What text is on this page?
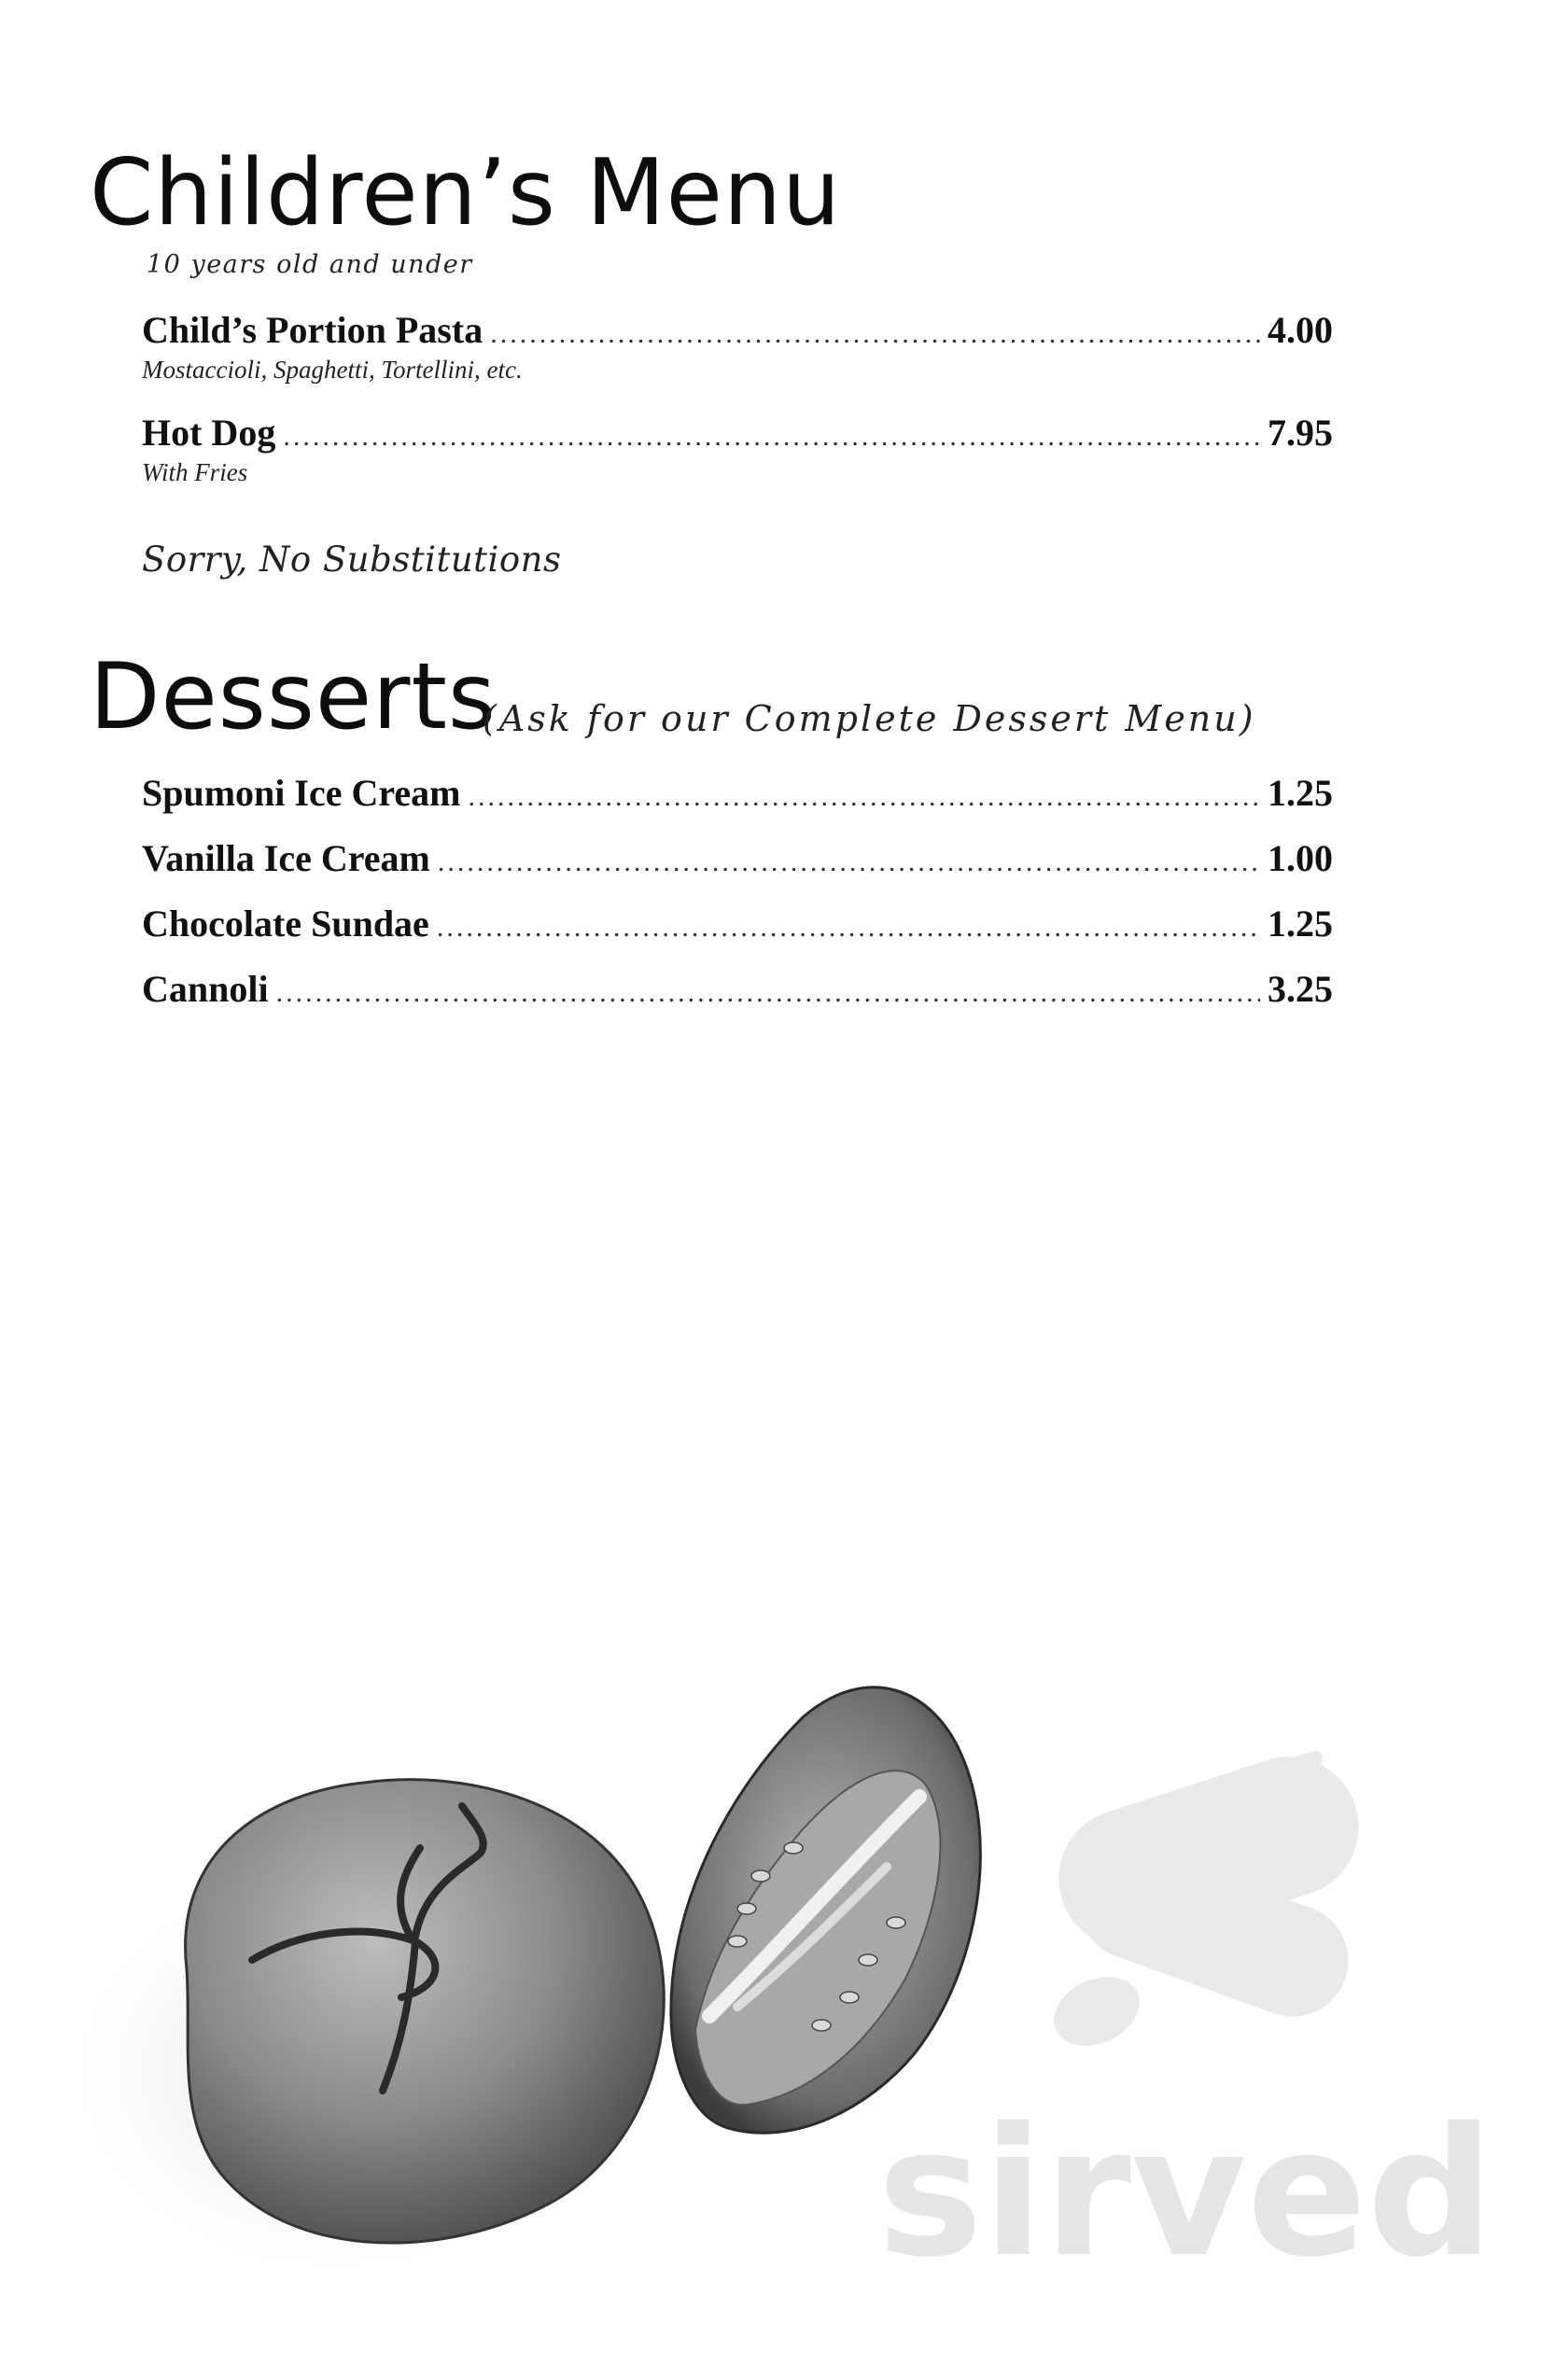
Children’s Menu
10 years old and under
Child’s Portion Pasta .....	4.00
Mostaccioli, Spaghetti, Tortellini, etc.
Hot Dog .....	7.95
With Fries
Sorry, No Substitutions
Desserts
(Ask for our Complete Dessert Menu)
Spumoni Ice Cream .....	1.25
Vanilla Ice Cream .....	1.00
Chocolate Sundae .....	1.25
Cannoli .....	3.25
sirved
